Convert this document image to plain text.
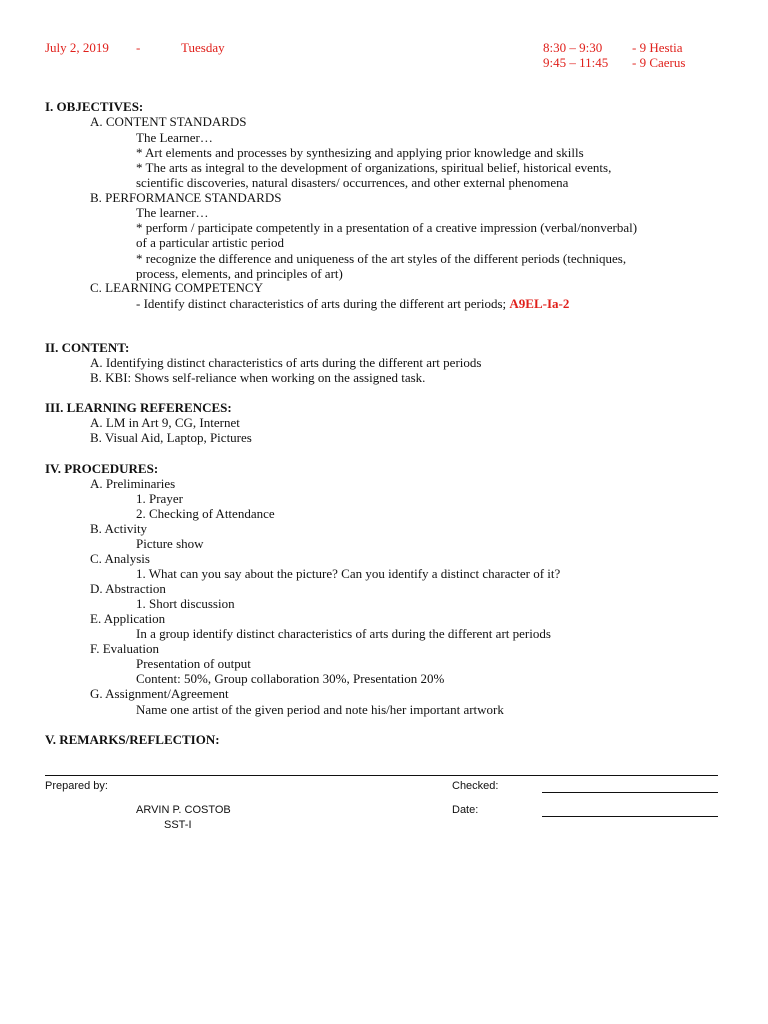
July 2, 2019 -	Tuesday	8:30 – 9:30 - 9 Hestia
9:45 – 11:45 - 9 Caerus
I. OBJECTIVES:
A. CONTENT STANDARDS
The Learner…
* Art elements and processes by synthesizing and applying prior knowledge and skills
* The arts as integral to the development of organizations, spiritual belief, historical events,
scientific discoveries, natural disasters/ occurrences, and other external phenomena
B. PERFORMANCE STANDARDS
The learner…
* perform / participate competently in a presentation of a creative impression (verbal/nonverbal)
of a particular artistic period
* recognize the difference and uniqueness of the art styles of the different periods (techniques,
process, elements, and principles of art)
C. LEARNING COMPETENCY
- Identify distinct characteristics of arts during the different art periods; A9EL-Ia-2
II. CONTENT:
A. Identifying distinct characteristics of arts during the different art periods
B. KBI: Shows self-reliance when working on the assigned task.
III. LEARNING REFERENCES:
A. LM in Art 9, CG, Internet
B. Visual Aid, Laptop, Pictures
IV. PROCEDURES:
A. Preliminaries
1. Prayer
2. Checking of Attendance
B. Activity
Picture show
C. Analysis
1. What can you say about the picture? Can you identify a distinct character of it?
D. Abstraction
1. Short discussion
E. Application
In a group identify distinct characteristics of arts during the different art periods
F. Evaluation
Presentation of output
Content: 50%, Group collaboration 30%, Presentation 20%
G. Assignment/Agreement
Name one artist of the given period and note his/her important artwork
V. REMARKS/REFLECTION:
Prepared by:	Checked:
ARVIN P. COSTOB
SST-I
Date:
